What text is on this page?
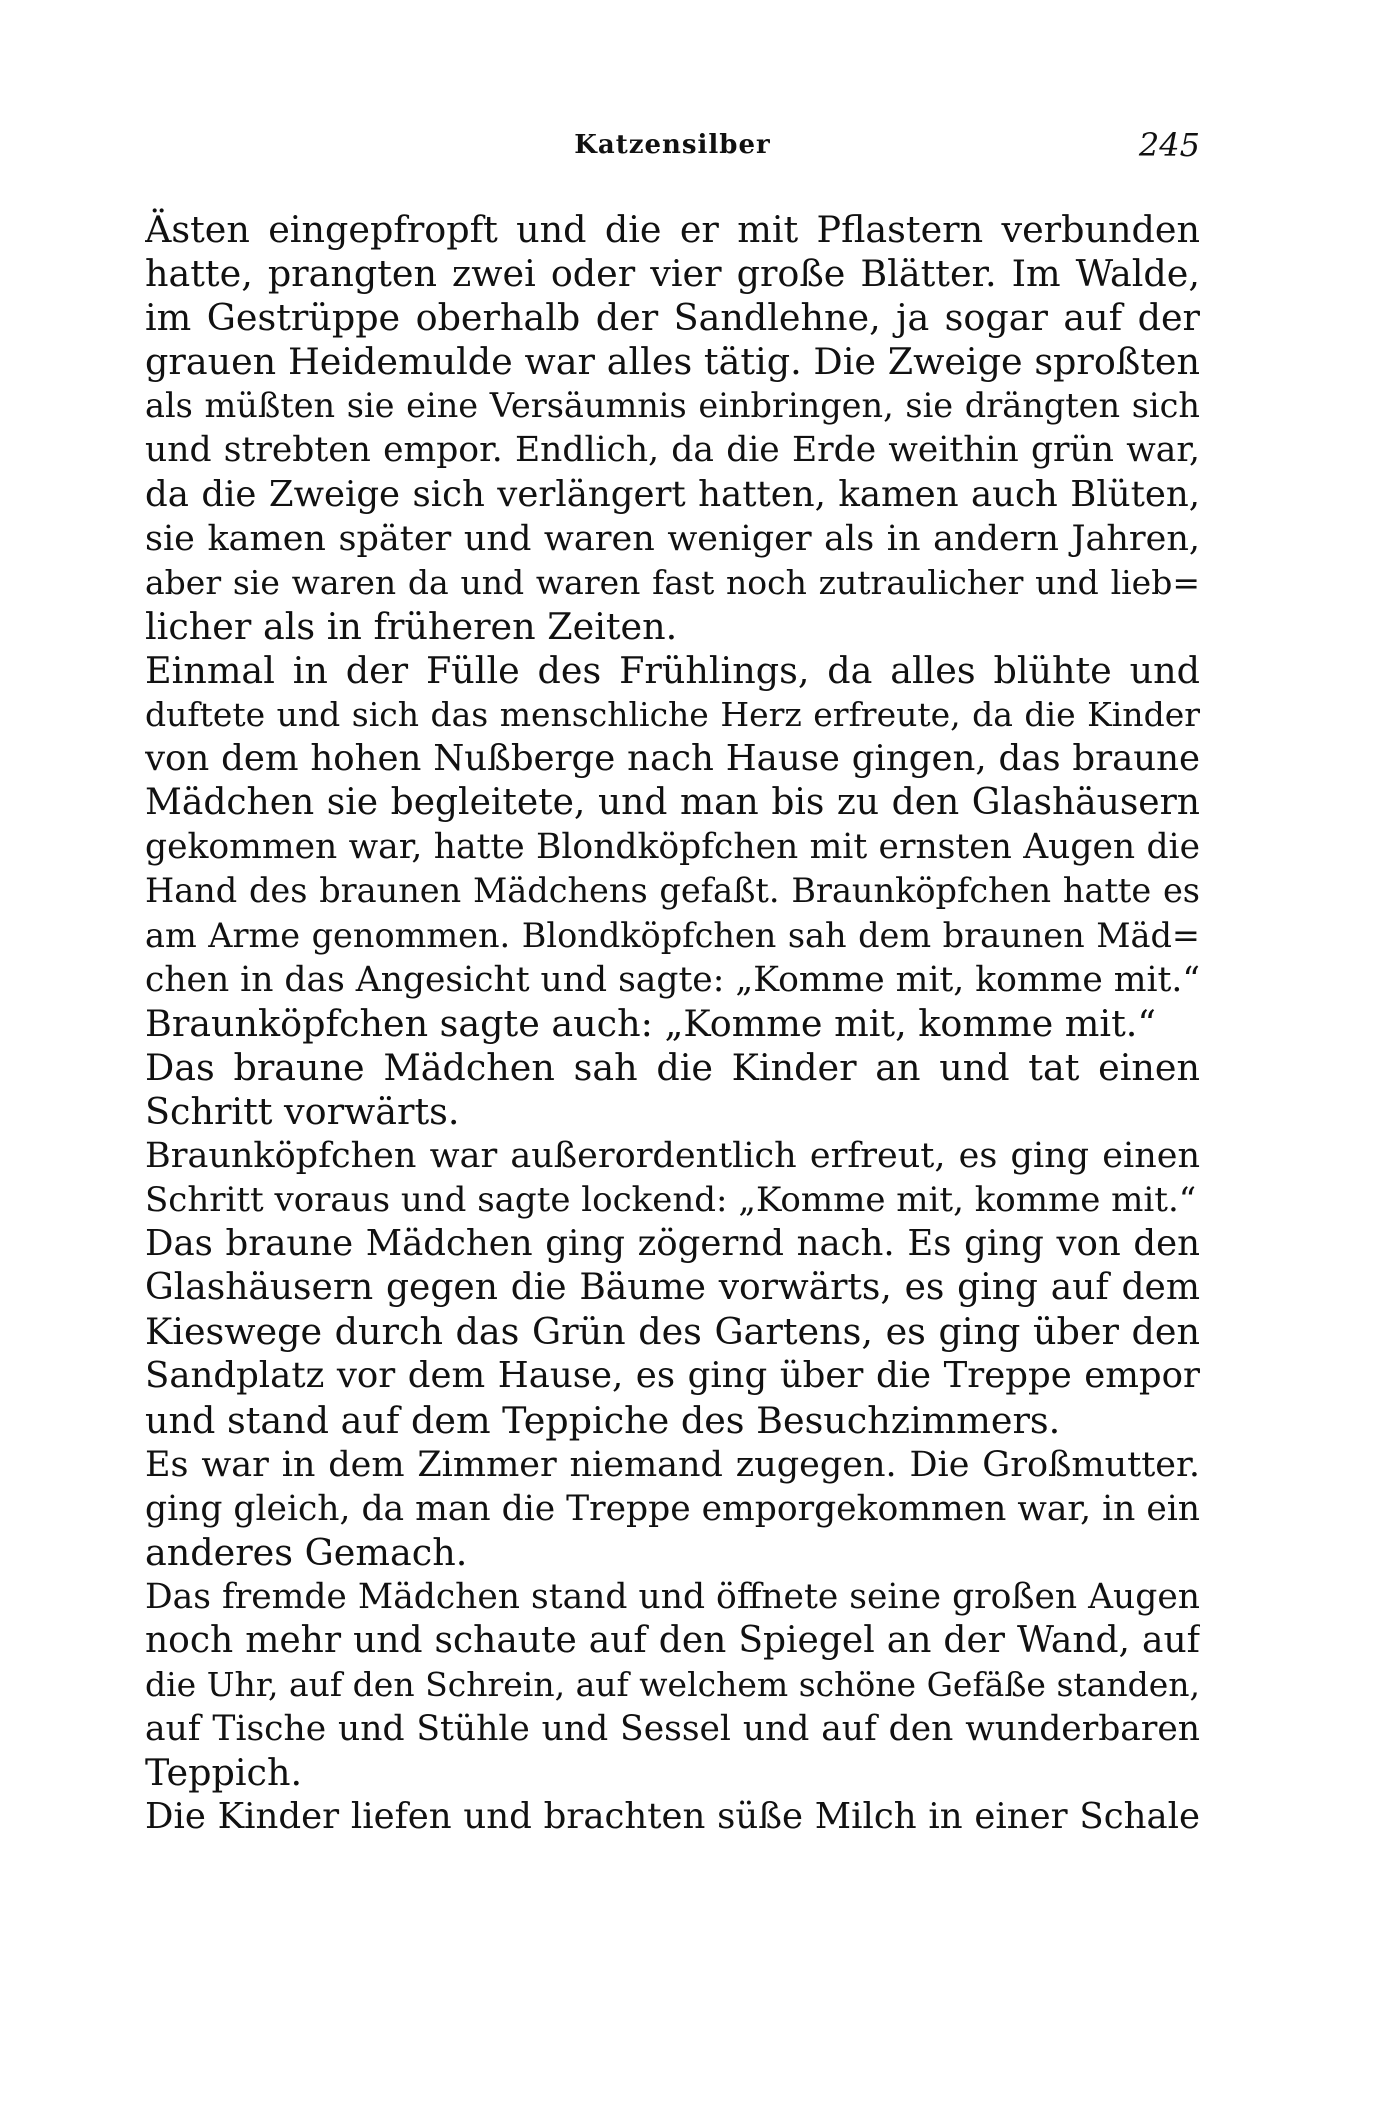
Katzensilber	245
Ästen eingepfropft und die er mit Pflastern verbunden
hatte, prangten zwei oder vier große Blätter. Im Walde,
im Gestrüppe oberhalb der Sandlehne, ja sogar auf der
grauen Heidemulde war alles tätig. Die Zweige sproßten
als müßten sie eine Versäumnis einbringen, sie drängten sich
und strebten empor. Endlich, da die Erde weithin grün war,
da die Zweige sich verlängert hatten, kamen auch Blüten,
sie kamen später und waren weniger als in andern Jahren,
aber sie waren da und waren fast noch zutraulicher und lieb=
licher als in früheren Zeiten.
Einmal in der Fülle des Frühlings, da alles blühte und
duftete und sich das menschliche Herz erfreute, da die Kinder
von dem hohen Nußberge nach Hause gingen, das braune
Mädchen sie begleitete, und man bis zu den Glashäusern
gekommen war, hatte Blondköpfchen mit ernsten Augen die
Hand des braunen Mädchens gefaßt. Braunköpfchen hatte es
am Arme genommen. Blondköpfchen sah dem braunen Mäd=
chen in das Angesicht und sagte: „Komme mit, komme mit.“
Braunköpfchen sagte auch: „Komme mit, komme mit.“
Das braune Mädchen sah die Kinder an und tat einen
Schritt vorwärts.
Braunköpfchen war außerordentlich erfreut, es ging einen
Schritt voraus und sagte lockend: „Komme mit, komme mit.“
Das braune Mädchen ging zögernd nach. Es ging von den
Glashäusern gegen die Bäume vorwärts, es ging auf dem
Kieswege durch das Grün des Gartens, es ging über den
Sandplatz vor dem Hause, es ging über die Treppe empor
und stand auf dem Teppiche des Besuchzimmers.
Es war in dem Zimmer niemand zugegen. Die Großmutter.
ging gleich, da man die Treppe emporgekommen war, in ein
anderes Gemach.
Das fremde Mädchen stand und öffnete seine großen Augen
noch mehr und schaute auf den Spiegel an der Wand, auf
die Uhr, auf den Schrein, auf welchem schöne Gefäße standen,
auf Tische und Stühle und Sessel und auf den wunderbaren
Teppich.
Die Kinder liefen und brachten süße Milch in einer Schale
